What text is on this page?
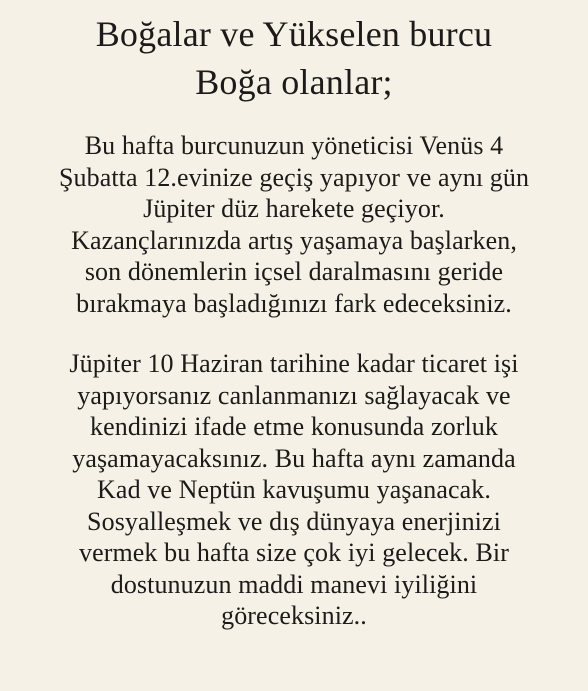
Boğalar ve Yükselen burcu
Boğa olanlar;

Bu hafta burcunuzun yöneticisi Venüs 4
Şubatta 12.evinize geçiş yapıyor ve aynı gün
Jüpiter düz harekete geçiyor.
Kazançlarınızda artış yaşamaya başlarken,
son dönemlerin içsel daralmasını geride
bırakmaya başladığınızı fark edeceksiniz.

Jüpiter 10 Haziran tarihine kadar ticaret işi
yapıyorsanız canlanmanızı sağlayacak ve
kendinizi ifade etme konusunda zorluk
yaşamayacaksınız. Bu hafta aynı zamanda
Kad ve Neptün kavuşumu yaşanacak.
Sosyalleşmek ve dış dünyaya enerjinizi
vermek bu hafta size çok iyi gelecek. Bir
dostunuzun maddi manevi iyiliğini
göreceksiniz..
